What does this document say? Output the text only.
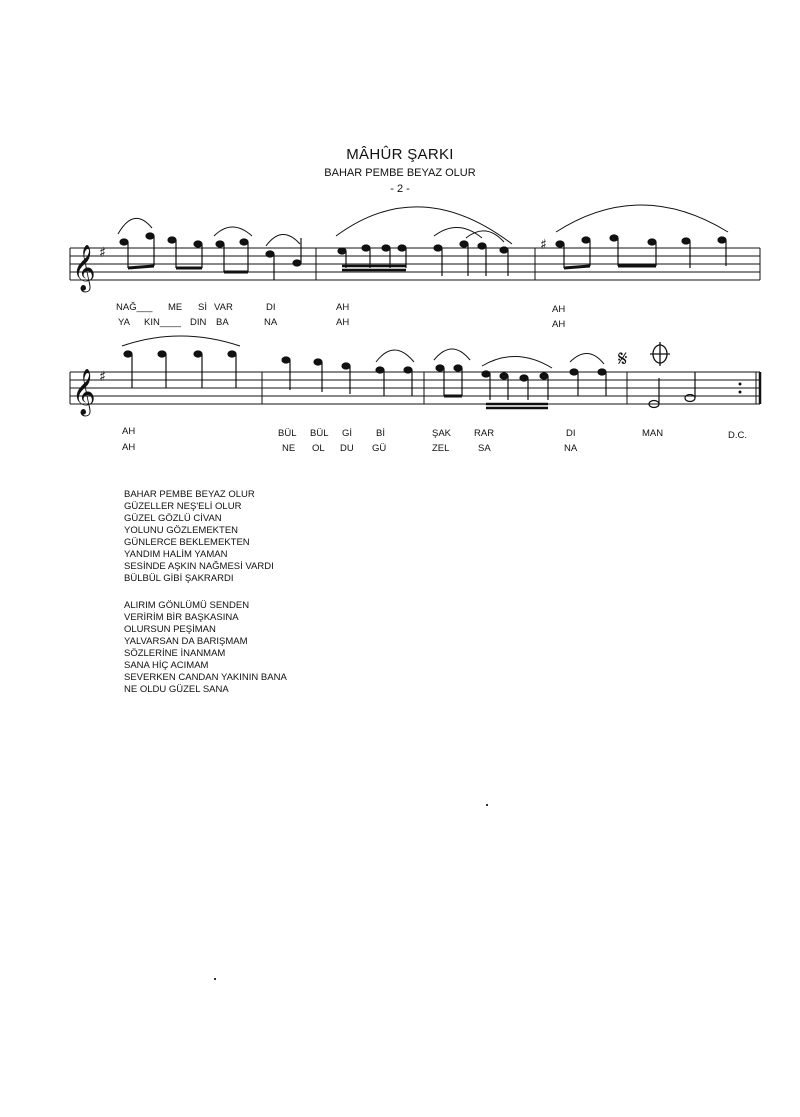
MÂHÛR ŞARKI
BAHAR PEMBE BEYAZ OLUR
- 2 -
𝄞
𝄞
♯
♯
♯
𝄋
NAĞ___ ME Sİ VAR	DI	AH	AH
YA KIN____ DIN BA	NA	AH	AH
AH	BÜL BÜL Gİ	Bİ	ŞAK RAR	DI	MAN	D.C.
AH	NE OL DU GÜ	ZEL	SA	NA
BAHAR PEMBE BEYAZ OLUR
GÜZELLER NEŞ'ELİ OLUR
GÜZEL GÖZLÜ CİVAN
YOLUNU GÖZLEMEKTEN
GÜNLERCE BEKLEMEKTEN
YANDIM HALİM YAMAN
SESİNDE AŞKIN NAĞMESİ VARDI
BÜLBÜL GİBİ ŞAKRARDI
ALIRIM GÖNLÜMÜ SENDEN
VERİRİM BİR BAŞKASINA
OLURSUN PEŞİMAN
YALVARSAN DA BARIŞMAM
SÖZLERİNE İNANMAM
SANA HİÇ ACIMAM
SEVERKEN CANDAN YAKININ BANA
NE OLDU GÜZEL SANA
